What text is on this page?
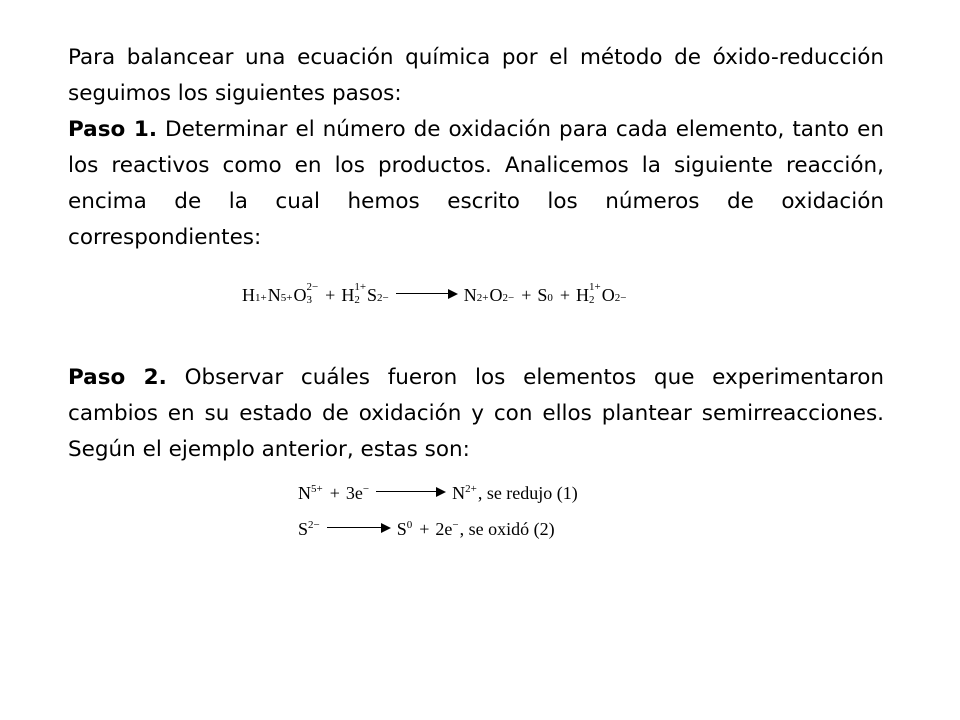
Para balancear una ecuación química por el método de óxido-reducción seguimos los siguientes pasos:

Paso 1. Determinar el número de oxidación para cada elemento, tanto en los reactivos como en los productos. Analicemos la siguiente reacción, encima de la cual hemos escrito los números de oxidación correspondientes:

H 1+ N 5+ O 2−
3 + H 1+
2 S 2−	N 2+ O 2− + S 0 + H 1+
2 O 2−

Paso 2. Observar cuáles fueron los elementos que experimentaron cambios en su estado de oxidación y con ellos plantear semirreacciones. Según el ejemplo anterior, estas son:

$N^{5+} + 3e^-$	$N^{2+}$, se redujo (1)
$S^{2-}$	$S^0 + 2e^-$, se oxidó (2)
